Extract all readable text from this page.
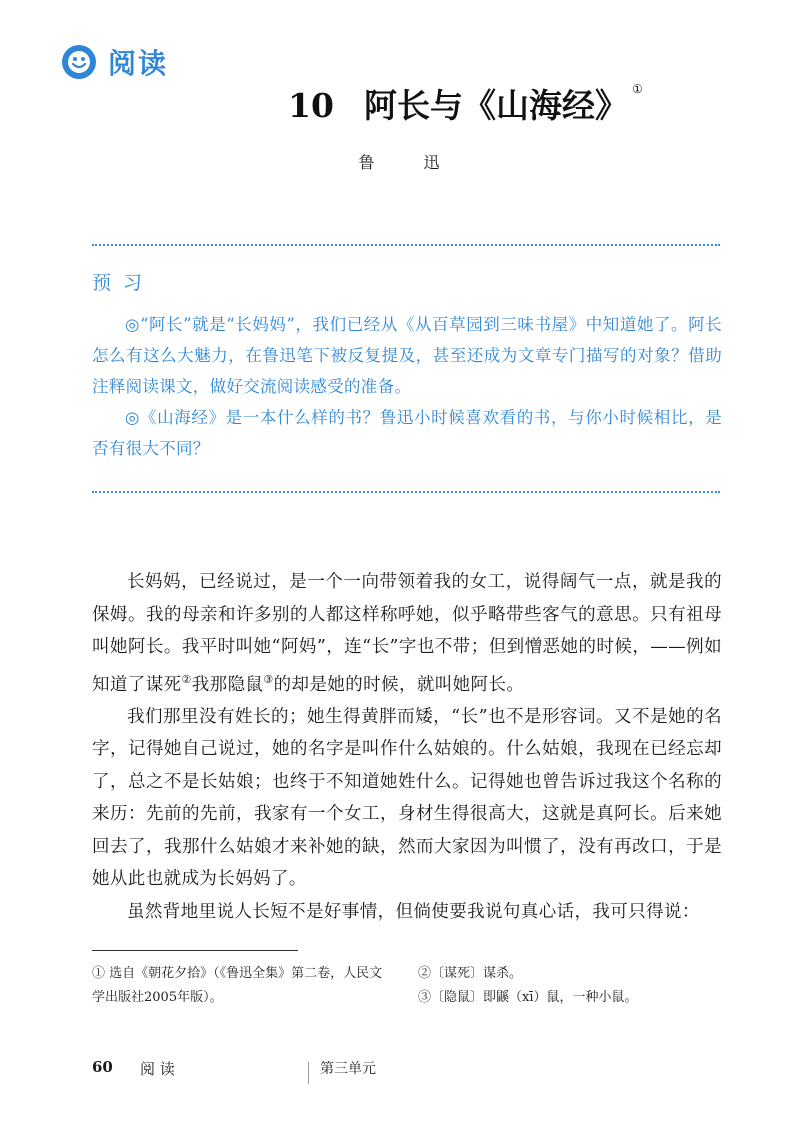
阅读
10 阿长与《山海经》 ①
鲁 迅
预习

◎“阿长”就是“长妈妈”，我们已经从《从百草园到三味书屋》中知道她了。阿长怎么有这么大魅力，在鲁迅笔下被反复提及，甚至还成为文章专门描写的对象？借助注释阅读课文，做好交流阅读感受的准备。

◎《山海经》是一本什么样的书？鲁迅小时候喜欢看的书，与你小时候相比，是否有很大不同？

长妈妈，已经说过，是一个一向带领着我的女工，说得阔气一点，就是我的保姆。我的母亲和许多别的人都这样称呼她，似乎略带些客气的意思。只有祖母叫她阿长。我平时叫她“阿妈”，连“长”字也不带；但到憎恶她的时候，——例如知道了谋死②我那隐鼠③的却是她的时候，就叫她阿长。

我们那里没有姓长的；她生得黄胖而矮，“长”也不是形容词。又不是她的名字，记得她自己说过，她的名字是叫作什么姑娘的。什么姑娘，我现在已经忘却了，总之不是长姑娘；也终于不知道她姓什么。记得她也曾告诉过我这个名称的来历：先前的先前，我家有一个女工，身材生得很高大，这就是真阿长。后来她回去了，我那什么姑娘才来补她的缺，然而大家因为叫惯了，没有再改口，于是她从此也就成为长妈妈了。

虽然背地里说人长短不是好事情，但倘使要我说句真心话，我可只得说：

① 选自《朝花夕拾》（《鲁迅全集》第二卷，人民文学出版社2005年版）。
②〔谋死〕谋杀。
③〔隐鼠〕即鼷（xī）鼠，一种小鼠。
60 阅 读	第三单元
